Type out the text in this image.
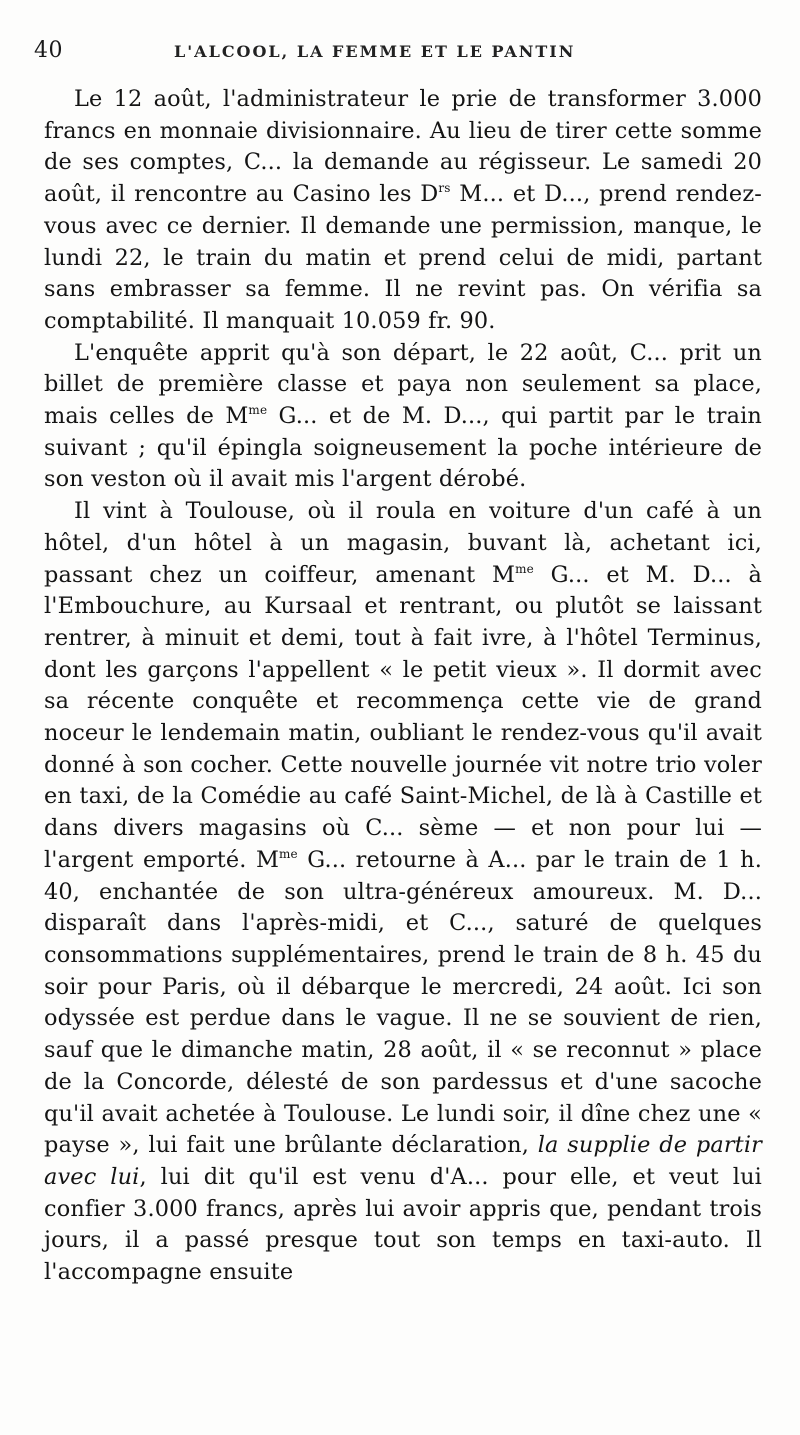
40	L'ALCOOL, LA FEMME ET LE PANTIN

Le 12 août, l'administrateur le prie de transformer 3.000 francs en monnaie divisionnaire. Au lieu de tirer cette somme de ses comptes, C... la demande au régisseur. Le samedi 20 août, il rencontre au Casino les $D^{rs}$ M... et D..., prend rendez-vous avec ce dernier. Il demande une permission, manque, le lundi 22, le train du matin et prend celui de midi, partant sans embrasser sa femme. Il ne revint pas. On vérifia sa comptabilité. Il manquait 10.059 fr. 90.

L'enquête apprit qu'à son départ, le 22 août, C... prit un billet de première classe et paya non seulement sa place, mais celles de $M^{me}$ G... et de M. D..., qui partit par le train suivant ; qu'il épingla soigneusement la poche intérieure de son veston où il avait mis l'argent dérobé.

Il vint à Toulouse, où il roula en voiture d'un café à un hôtel, d'un hôtel à un magasin, buvant là, achetant ici, passant chez un coiffeur, amenant $M^{me}$ G... et M. D... à l'Embouchure, au Kursaal et rentrant, ou plutôt se laissant rentrer, à minuit et demi, tout à fait ivre, à l'hôtel Terminus, dont les garçons l'appellent « le petit vieux ». Il dormit avec sa récente conquête et recommença cette vie de grand noceur le lendemain matin, oubliant le rendez-vous qu'il avait donné à son cocher. Cette nouvelle journée vit notre trio voler en taxi, de la Comédie au café Saint-Michel, de là à Castille et dans divers magasins où C... sème — et non pour lui — l'argent emporté. $M^{me}$ G... retourne à A... par le train de 1 h. 40, enchantée de son ultra-généreux amoureux. M. D... disparaît dans l'après-midi, et C..., saturé de quelques consommations supplémentaires, prend le train de 8 h. 45 du soir pour Paris, où il débarque le mercredi, 24 août. Ici son odyssée est perdue dans le vague. Il ne se souvient de rien, sauf que le dimanche matin, 28 août, il « se reconnut » place de la Concorde, délesté de son pardessus et d'une sacoche qu'il avait achetée à Toulouse. Le lundi soir, il dîne chez une « payse », lui fait une brûlante déclaration, la supplie de partir avec lui, lui dit qu'il est venu d'A... pour elle, et veut lui confier 3.000 francs, après lui avoir appris que, pendant trois jours, il a passé presque tout son temps en taxi-auto. Il l'accompagne ensuite
